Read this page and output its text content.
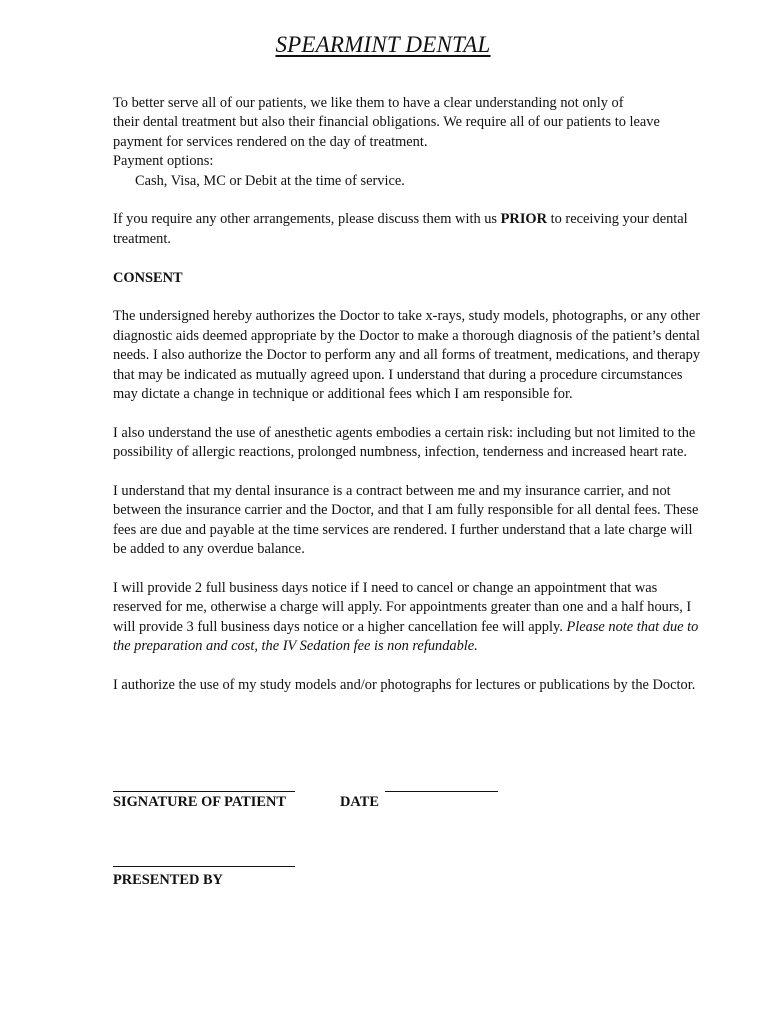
SPEARMINT DENTAL

To better serve all of our patients, we like them to have a clear understanding not only of

their dental treatment but also their financial obligations. We require all of our patients to leave

payment for services rendered on the day of treatment.

Payment options:

Cash, Visa, MC or Debit at the time of service.

If you require any other arrangements, please discuss them with us PRIOR to receiving your dental treatment.

CONSENT

The undersigned hereby authorizes the Doctor to take x-rays, study models, photographs, or any other diagnostic aids deemed appropriate by the Doctor to make a thorough diagnosis of the patient’s dental needs. I also authorize the Doctor to perform any and all forms of treatment, medications, and therapy that may be indicated as mutually agreed upon. I understand that during a procedure circumstances may dictate a change in technique or additional fees which I am responsible for.

I also understand the use of anesthetic agents embodies a certain risk: including but not limited to the possibility of allergic reactions, prolonged numbness, infection, tenderness and increased heart rate.

I understand that my dental insurance is a contract between me and my insurance carrier, and not between the insurance carrier and the Doctor, and that I am fully responsible for all dental fees. These fees are due and payable at the time services are rendered. I further understand that a late charge will be added to any overdue balance.

I will provide 2 full business days notice if I need to cancel or change an appointment that was reserved for me, otherwise a charge will apply. For appointments greater than one and a half hours, I will provide 3 full business days notice or a higher cancellation fee will apply. Please note that due to the preparation and cost, the IV Sedation fee is non refundable.

I authorize the use of my study models and/or photographs for lectures or publications by the Doctor.

SIGNATURE OF PATIENT	DATE
PRESENTED BY
